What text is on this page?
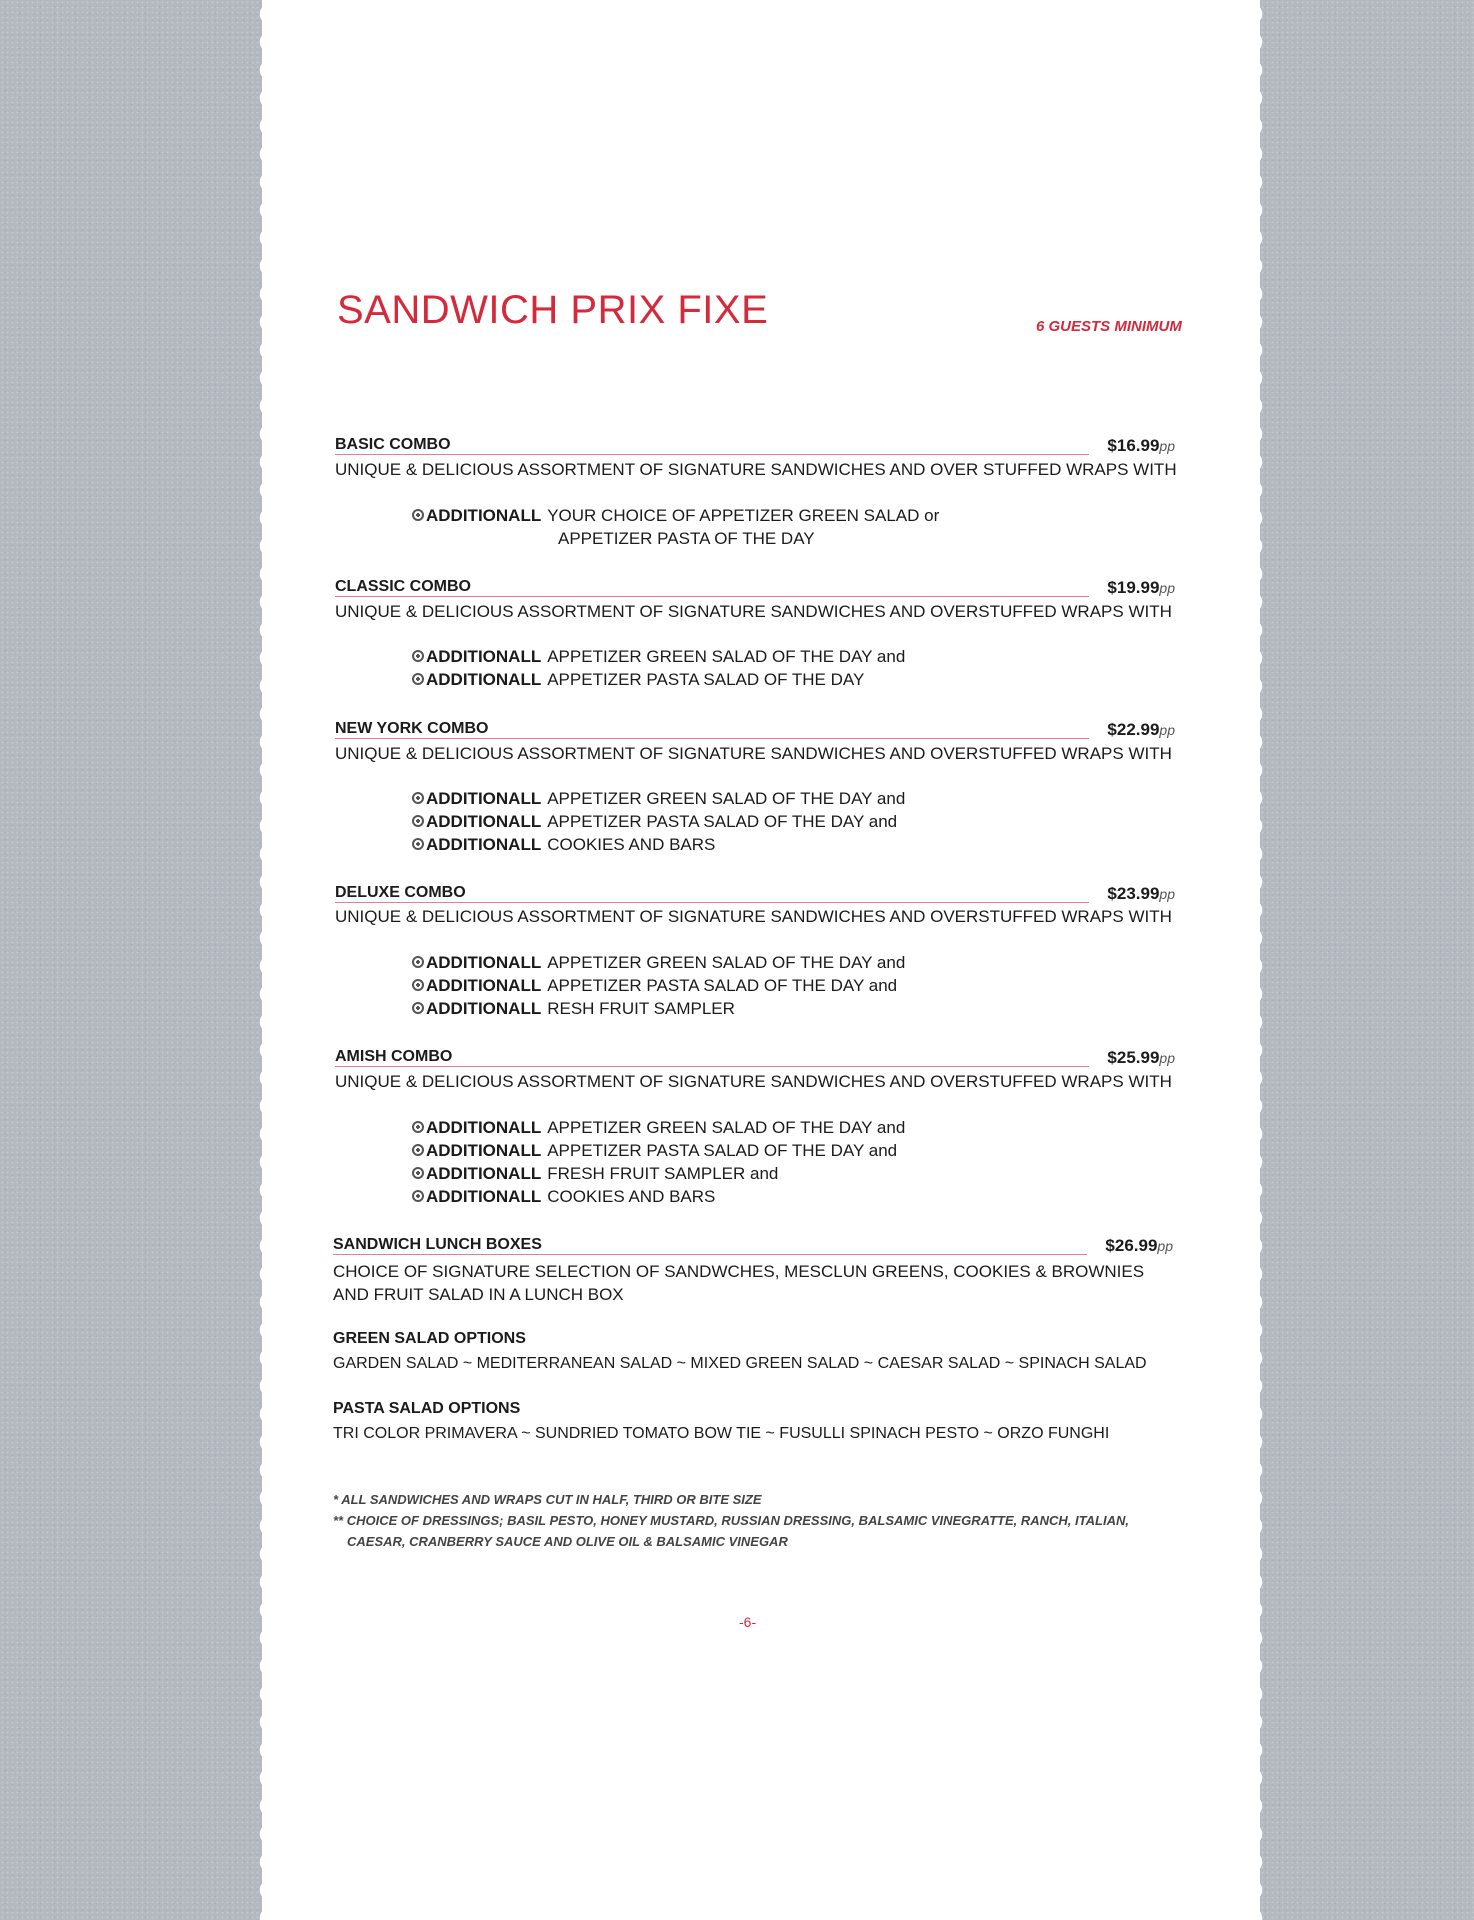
SANDWICH PRIX FIXE	6 GUESTS MINIMUM
BASIC COMBO	$16.99pp
UNIQUE & DELICIOUS ASSORTMENT OF SIGNATURE SANDWICHES AND OVER STUFFED WRAPS WITH
ADDITIONALL YOUR CHOICE OF APPETIZER GREEN SALAD or
APPETIZER PASTA OF THE DAY
CLASSIC COMBO	$19.99pp
UNIQUE & DELICIOUS ASSORTMENT OF SIGNATURE SANDWICHES AND OVERSTUFFED WRAPS WITH
ADDITIONALL APPETIZER GREEN SALAD OF THE DAY and
ADDITIONALL APPETIZER PASTA SALAD OF THE DAY
NEW YORK COMBO	$22.99pp
UNIQUE & DELICIOUS ASSORTMENT OF SIGNATURE SANDWICHES AND OVERSTUFFED WRAPS WITH
ADDITIONALL APPETIZER GREEN SALAD OF THE DAY and
ADDITIONALL APPETIZER PASTA SALAD OF THE DAY and
ADDITIONALL COOKIES AND BARS
DELUXE COMBO	$23.99pp
UNIQUE & DELICIOUS ASSORTMENT OF SIGNATURE SANDWICHES AND OVERSTUFFED WRAPS WITH
ADDITIONALL APPETIZER GREEN SALAD OF THE DAY and
ADDITIONALL APPETIZER PASTA SALAD OF THE DAY and
ADDITIONALL RESH FRUIT SAMPLER
AMISH COMBO	$25.99pp
UNIQUE & DELICIOUS ASSORTMENT OF SIGNATURE SANDWICHES AND OVERSTUFFED WRAPS WITH
ADDITIONALL APPETIZER GREEN SALAD OF THE DAY and
ADDITIONALL APPETIZER PASTA SALAD OF THE DAY and
ADDITIONALL FRESH FRUIT SAMPLER and
ADDITIONALL COOKIES AND BARS
SANDWICH LUNCH BOXES	$26.99pp
CHOICE OF SIGNATURE SELECTION OF SANDWCHES, MESCLUN GREENS, COOKIES & BROWNIES AND FRUIT SALAD IN A LUNCH BOX
GREEN SALAD OPTIONS
GARDEN SALAD ~ MEDITERRANEAN SALAD ~ MIXED GREEN SALAD ~ CAESAR SALAD ~ SPINACH SALAD
PASTA SALAD OPTIONS
TRI COLOR PRIMAVERA ~ SUNDRIED TOMATO BOW TIE ~ FUSULLI SPINACH PESTO ~ ORZO FUNGHI
* ALL SANDWICHES AND WRAPS CUT IN HALF, THIRD OR BITE SIZE
** CHOICE OF DRESSINGS; BASIL PESTO, HONEY MUSTARD, RUSSIAN DRESSING, BALSAMIC VINEGRATTE, RANCH, ITALIAN,
CAESAR, CRANBERRY SAUCE AND OLIVE OIL & BALSAMIC VINEGAR
-6-
